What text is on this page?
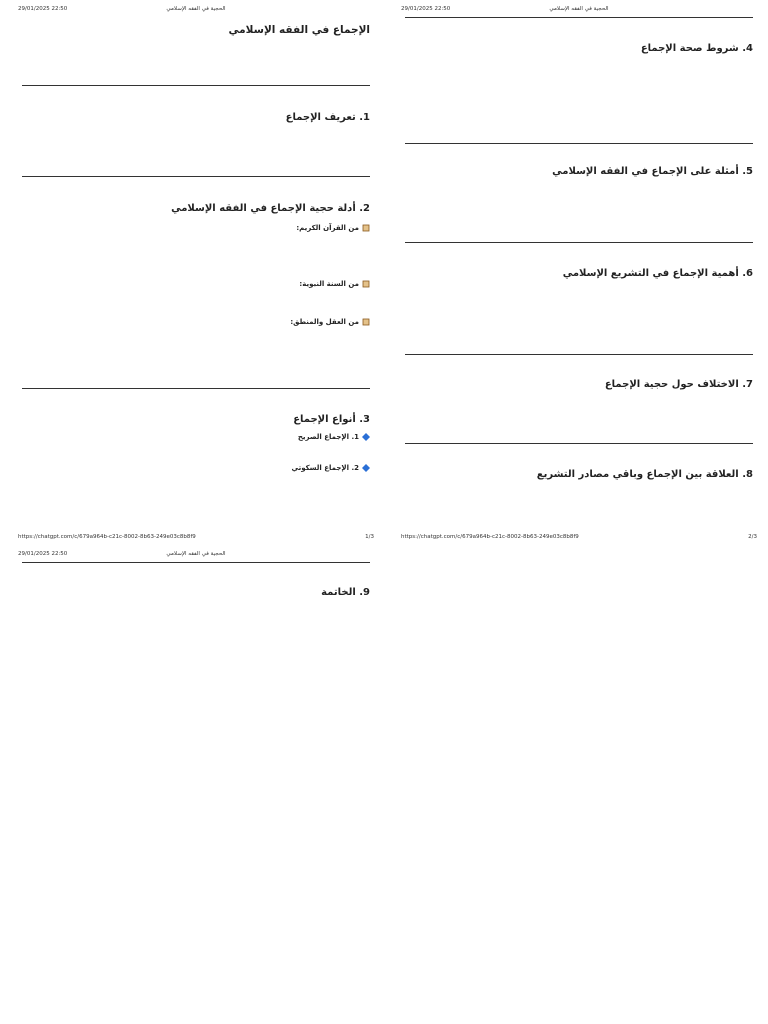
29/01/2025 22:50	الحجية في الفقه الإسلامي
الإجماع في الفقه الإسلامي
1. تعريف الإجماع
2. أدلة حجية الإجماع في الفقه الإسلامي
من القرآن الكريم:
من السنة النبوية:
من العقل والمنطق:
3. أنواع الإجماع
1. الإجماع الصريح
2. الإجماع السكوتي
https://chatgpt.com/c/679a964b-c21c-8002-8b63-249e03c8b8f9	1/3
29/01/2025 22:50	الحجية في الفقه الإسلامي
4. شروط صحة الإجماع
5. أمثلة على الإجماع في الفقه الإسلامي
6. أهمية الإجماع في التشريع الإسلامي
7. الاختلاف حول حجية الإجماع
8. العلاقة بين الإجماع وباقي مصادر التشريع
https://chatgpt.com/c/679a964b-c21c-8002-8b63-249e03c8b8f9	2/3
29/01/2025 22:50	الحجية في الفقه الإسلامي
9. الخاتمة
